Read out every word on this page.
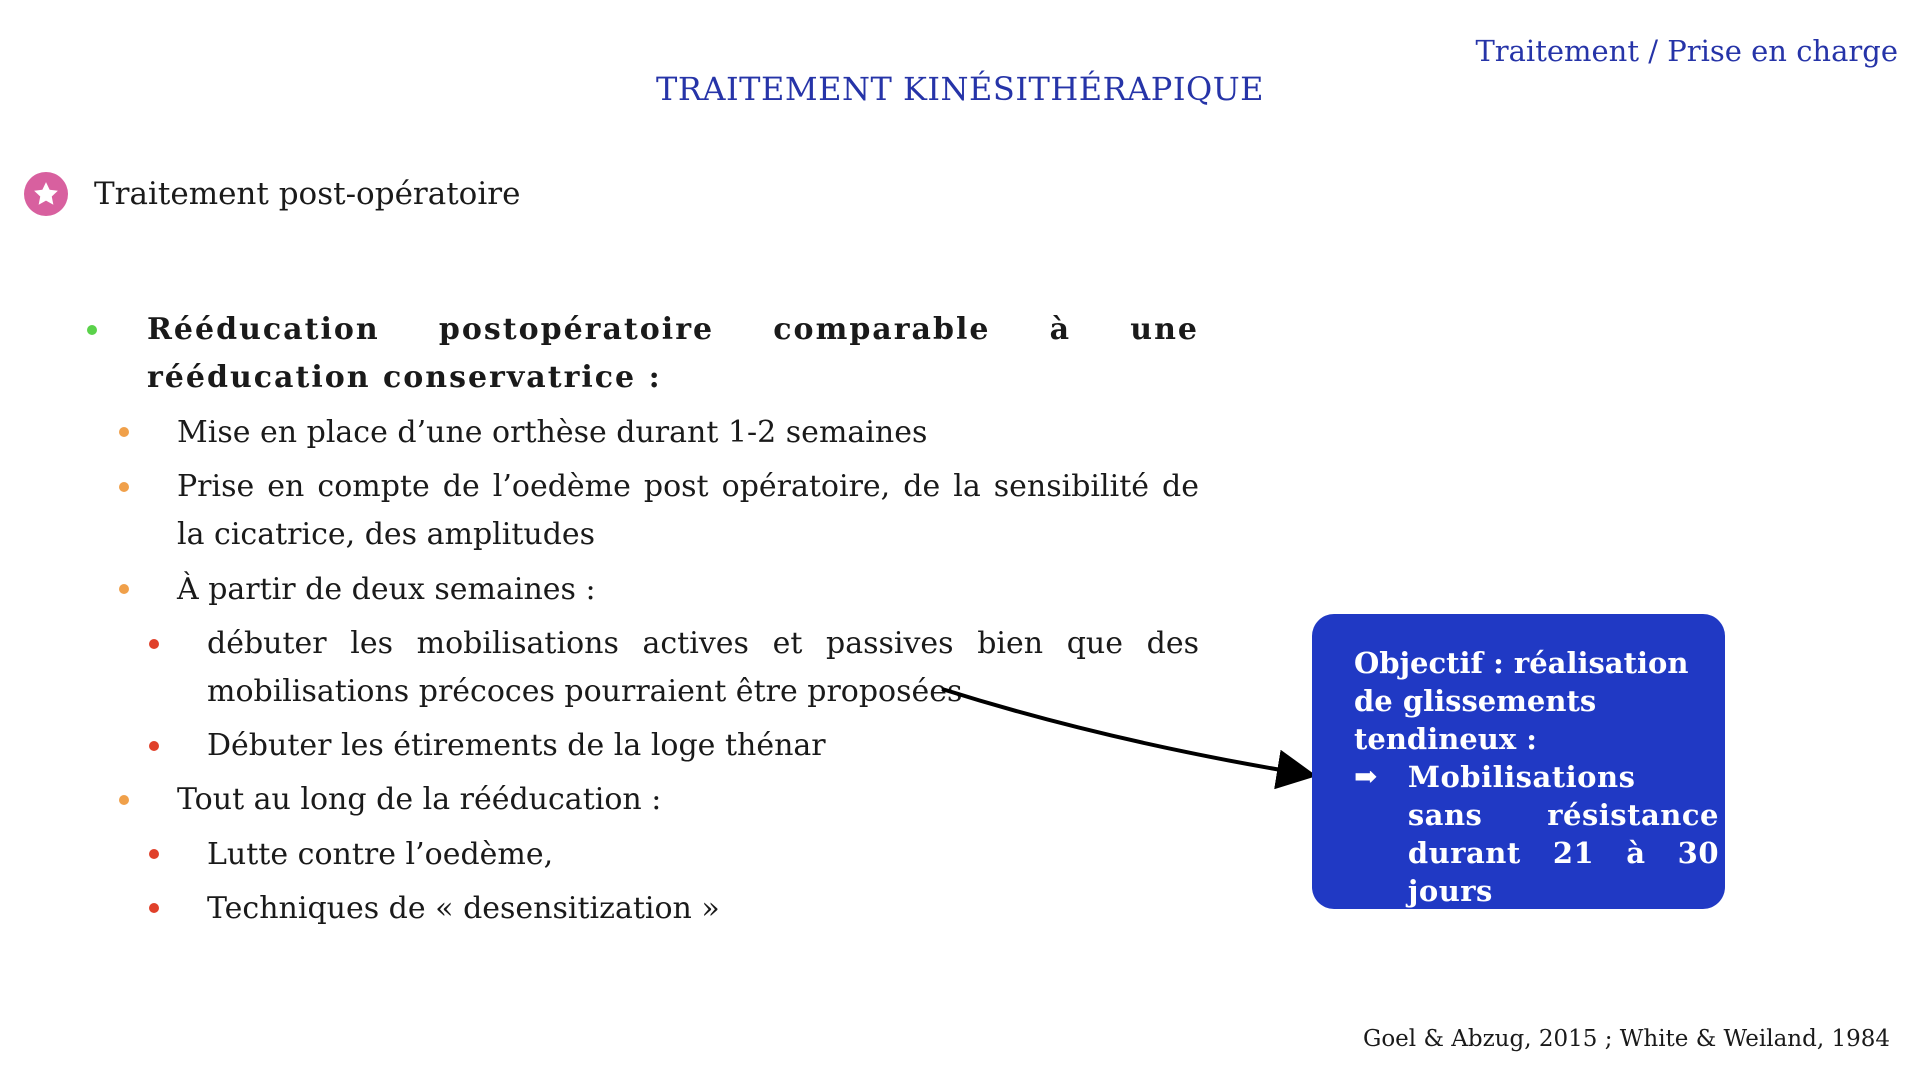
Traitement / Prise en charge
TRAITEMENT KINÉSITHÉRAPIQUE
Traitement post-opératoire
Rééducation postopératoire comparable à une rééducation conservatrice :
Mise en place d’une orthèse durant 1-2 semaines
Prise en compte de l’oedème post opératoire, de la sensibilité de la cicatrice, des amplitudes
À partir de deux semaines :
débuter les mobilisations actives et passives bien que des mobilisations précoces pourraient être proposées
Débuter les étirements de la loge thénar
Tout au long de la rééducation :
Lutte contre l’oedème,
Techniques de « desensitization »
Objectif : réalisation de glissements tendineux :
➡	Mobilisations sans résistance durant 21 à 30 jours (cicatrisation du rétinaculum)
Goel & Abzug, 2015 ; White & Weiland, 1984
